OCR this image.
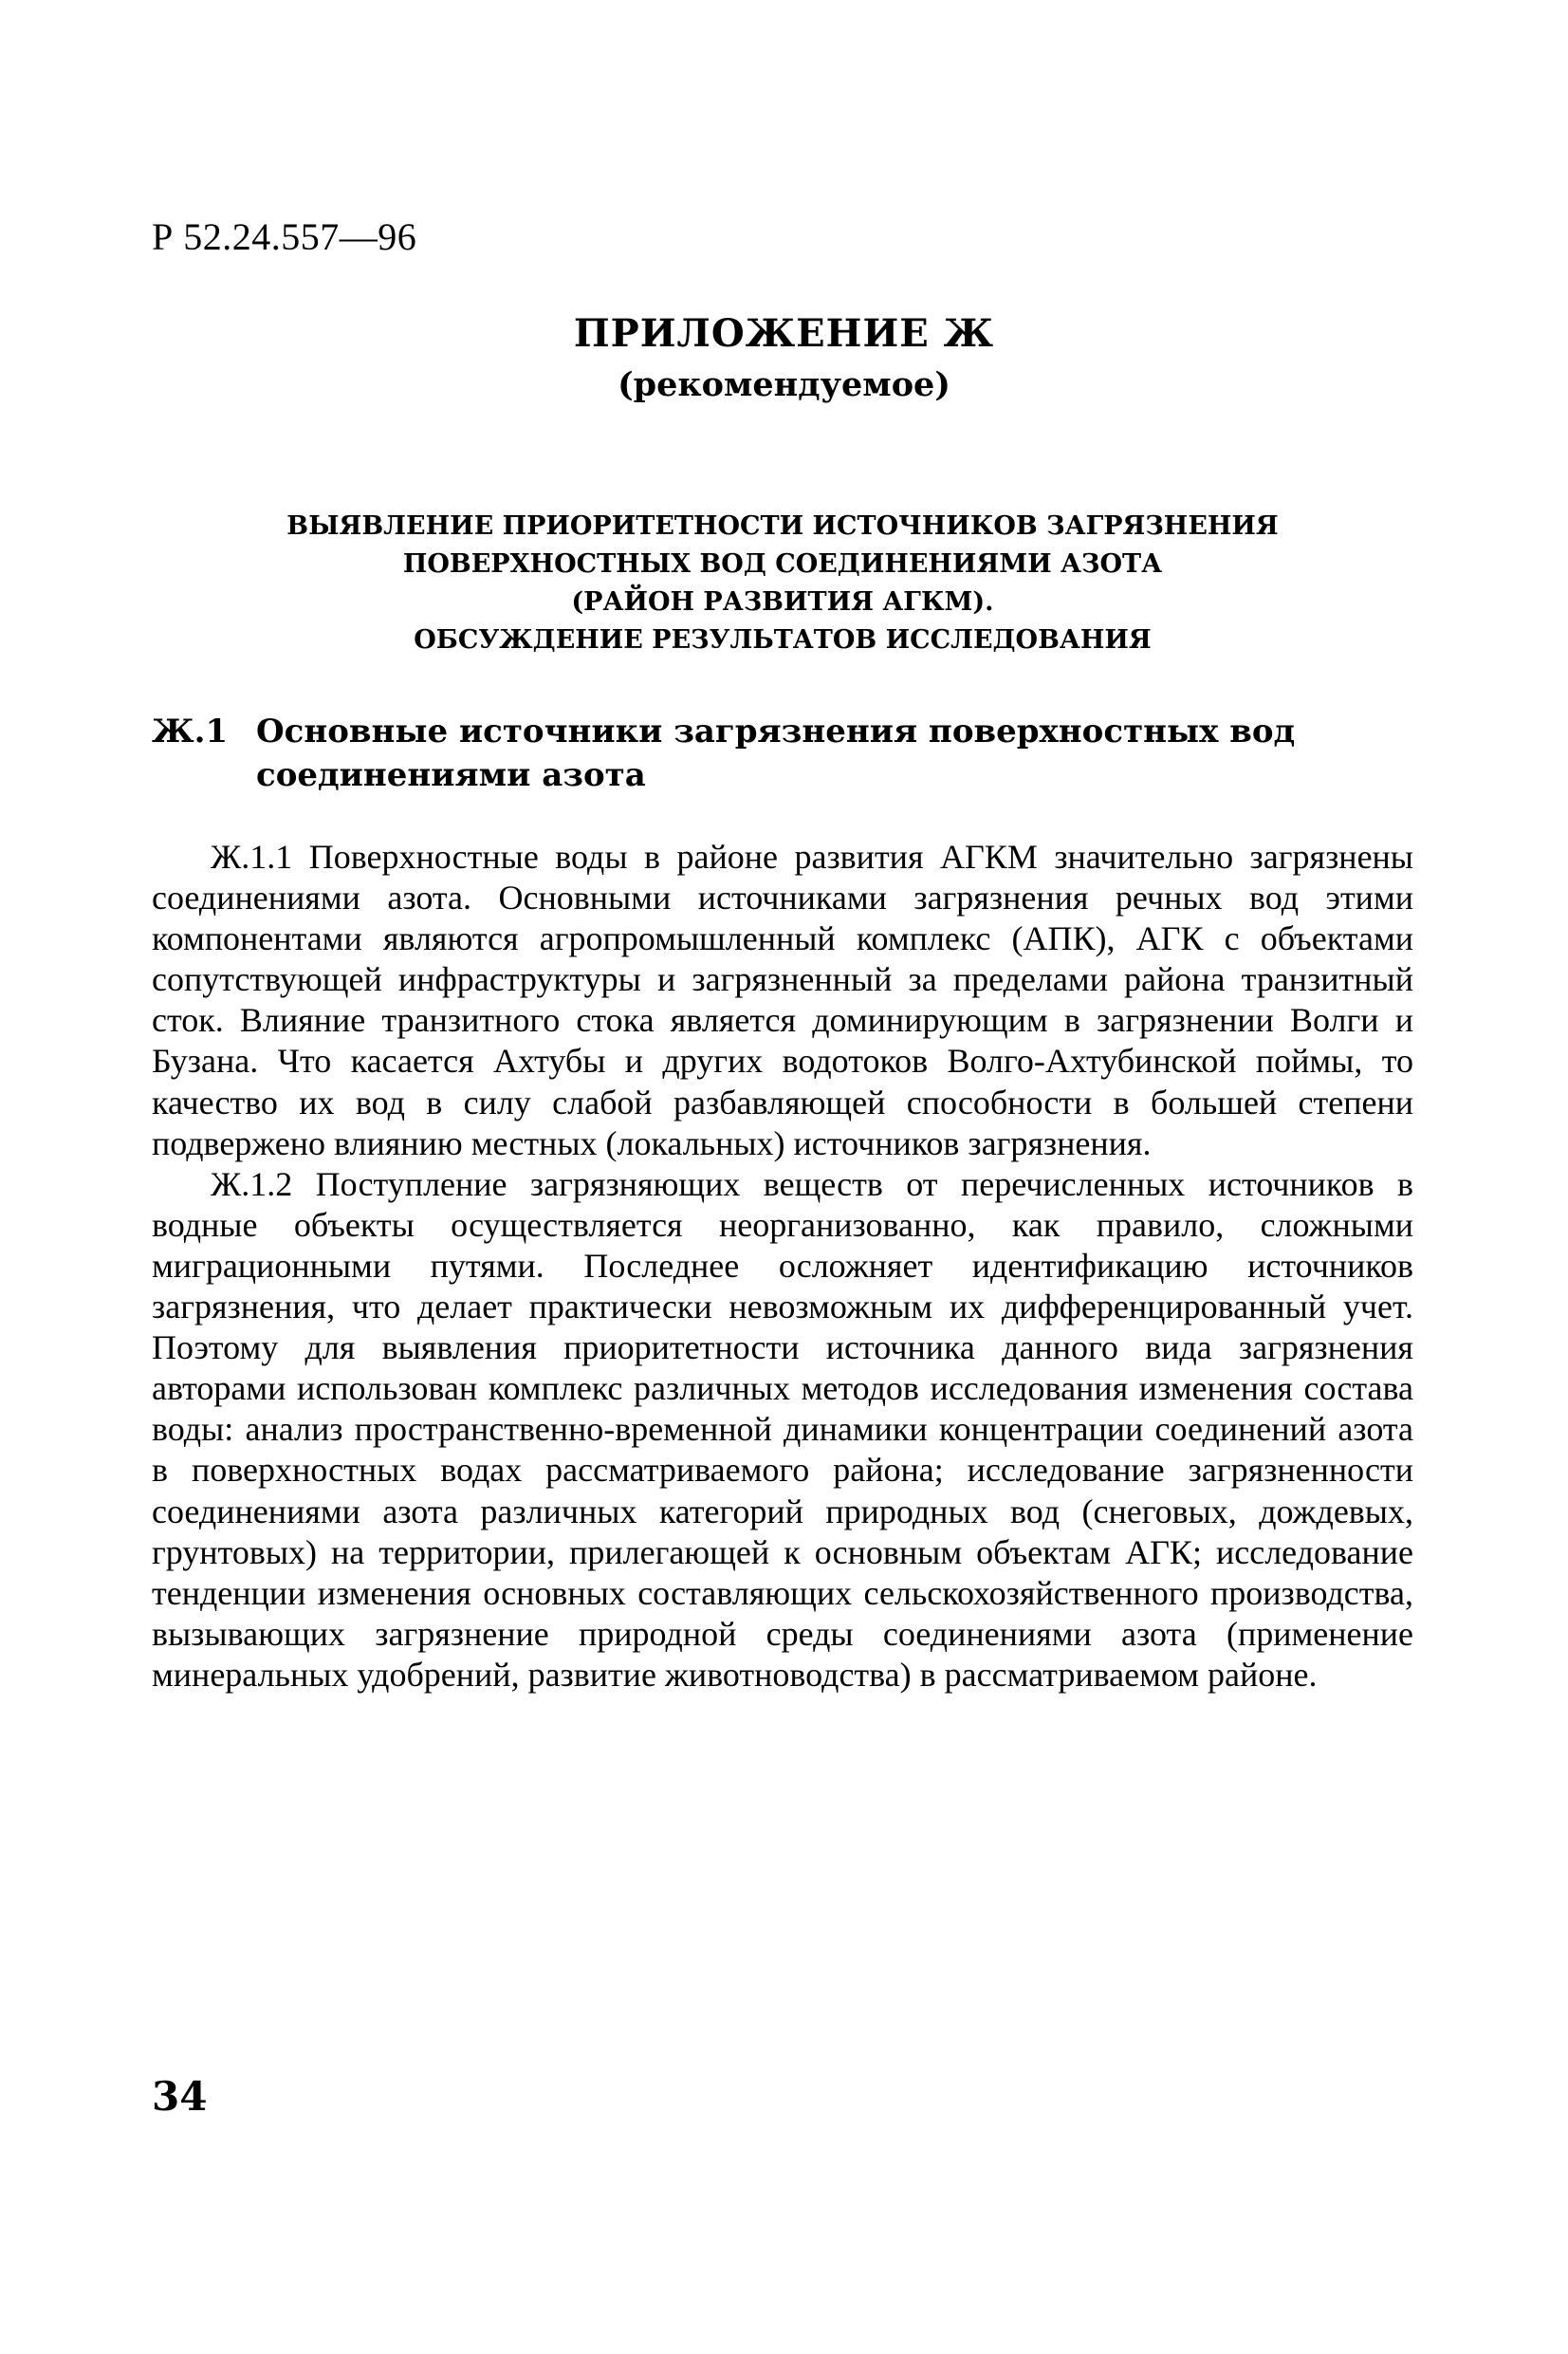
Р 52.24.557—96
ПРИЛОЖЕНИЕ Ж
(рекомендуемое)
ВЫЯВЛЕНИЕ ПРИОРИТЕТНОСТИ ИСТОЧНИКОВ ЗАГРЯЗНЕНИЯ
ПОВЕРХНОСТНЫХ ВОД СОЕДИНЕНИЯМИ АЗОТА
(РАЙОН РАЗВИТИЯ АГКМ).
ОБСУЖДЕНИЕ РЕЗУЛЬТАТОВ ИССЛЕДОВАНИЯ
Ж.1 Основные источники загрязнения поверхностных вод соединениями азота

Ж.1.1 Поверхностные воды в районе развития АГКМ значительно загрязнены соединениями азота. Основными источниками загрязнения речных вод этими компонентами являются агропромышленный комплекс (АПК), АГК с объектами сопутствующей инфраструктуры и загрязненный за пределами района транзитный сток. Влияние транзитного стока является доминирующим в загрязнении Волги и Бузана. Что касается Ахтубы и других водотоков Волго-Ахтубинской поймы, то качество их вод в силу слабой разбавляющей способности в большей степени подвержено влиянию местных (локальных) источников загрязнения.

Ж.1.2 Поступление загрязняющих веществ от перечисленных источников в водные объекты осуществляется неорганизованно, как правило, сложными миграционными путями. Последнее осложняет идентификацию источников загрязнения, что делает практически невозможным их дифференцированный учет. Поэтому для выявления приоритетности источника данного вида загрязнения авторами использован комплекс различных методов исследования изменения состава воды: анализ пространственно-временной динамики концентрации соединений азота в поверхностных водах рассматриваемого района; исследование загрязненности соединениями азота различных категорий природных вод (снеговых, дождевых, грунтовых) на территории, прилегающей к основным объектам АГК; исследование тенденции изменения основных составляющих сельскохозяйственного производства, вызывающих загрязнение природной среды соединениями азота (применение минеральных удобрений, развитие животноводства) в рассматриваемом районе.

34
